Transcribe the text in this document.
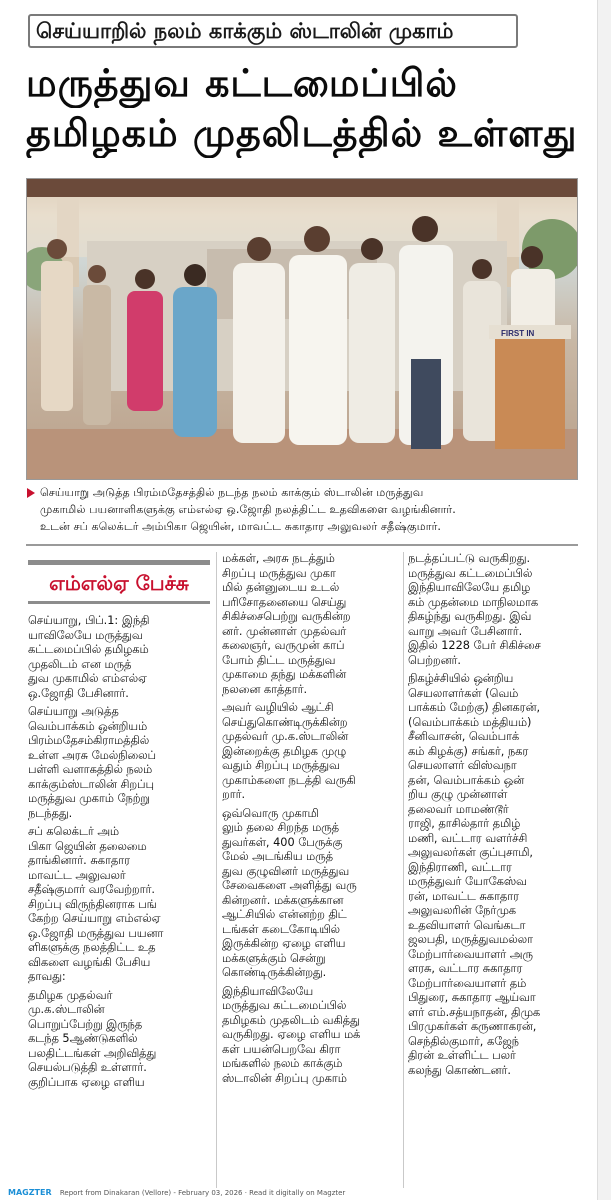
செய்யாறில் நலம் காக்கும் ஸ்டாலின் முகாம்
மருத்துவ கட்டமைப்பில்
தமிழகம் முதலிடத்தில் உள்ளது
FIRST IN
செய்யாறு அடுத்த பிரம்மதேசத்தில் நடந்த நலம் காக்கும் ஸ்டாலின் மருத்துவ
முகாமில் பயனாளிகளுக்கு எம்எல்ஏ ஒ.ஜோதி நலத்திட்ட உதவிகளை வழங்கினார்.
உடன் சப் கலெக்டர் அம்பிகா ஜெயின், மாவட்ட சுகாதார அலுவலர் சதீஷ்குமார்.
எம்எல்ஏ பேச்சு

செய்யாறு, பிப்.1: இந்தி
யாவிலேயே மருத்துவ
கட்டமைப்பில் தமிழகம்
முதலிடம் என மருத்
துவ முகாமில் எம்எல்ஏ
ஒ.ஜோதி பேசினார்.

செய்யாறு அடுத்த
வெம்பாக்கம் ஒன்றியம்
பிரம்மதேசம்கிராமத்தில்
உள்ள அரசு மேல்நிலைப்
பள்ளி வளாகத்தில் நலம்
காக்கும்ஸ்டாலின் சிறப்பு
மருத்துவ முகாம் நேற்று
நடந்தது.

சப் கலெக்டர் அம்
பிகா ஜெயின் தலைமை
தாங்கினார். சுகாதார
மாவட்ட அலுவலர்
சதீஷ்குமார் வரவேற்றார்.
சிறப்பு விருந்தினராக பங்
கேற்ற செய்யாறு எம்எல்ஏ
ஒ.ஜோதி மருத்துவ பயனா
ளிகளுக்கு நலத்திட்ட உத
விகளை வழங்கி பேசிய
தாவது:

தமிழக முதல்வர்
மு.க.ஸ்டாலின்
பொறுப்பேற்று இருந்த
கடந்த 5ஆண்டுகளில்
பலதிட்டங்கள் அறிவித்து
செயல்படுத்தி உள்ளார்.
குறிப்பாக ஏழை எளிய

மக்கள், அரசு நடத்தும்
சிறப்பு மருத்துவ முகா
மில் தன்னுடைய உடல்
பரிசோதனையை செய்து
சிகிச்சைபெற்று வருகின்ற
னர். முன்னாள் முதல்வர்
கலைஞர், வருமுன் காப்
போம் திட்ட மருத்துவ
முகாமை தந்து மக்களின்
நலனை காத்தார்.

அவர் வழியில் ஆட்சி
செய்துகொண்டிருக்கின்ற
முதல்வர் மு.க.ஸ்டாலின்
இன்றைக்கு தமிழக முழு
வதும் சிறப்பு மருத்துவ
முகாம்களை நடத்தி வருகி
றார்.

ஒவ்வொரு முகாமி
லும் தலை சிறந்த மருத்
துவர்கள், 400 பேருக்கு
மேல் அடங்கிய மருத்
துவ குழுவினர் மருத்துவ
சேவைகளை அளித்து வரு
கின்றனர். மக்களுக்கான
ஆட்சியில் என்னற்ற திட்
டங்கள் கடைகோடியில்
இருக்கின்ற ஏழை எளிய
மக்களுக்கும் சென்று
கொண்டிருக்கின்றது.

இந்தியாவிலேயே
மருத்துவ கட்டமைப்பில்
தமிழகம் முதலிடம் வகித்து
வருகிறது. ஏழை எளிய மக்
கள் பயன்பெறவே கிரா
மங்களில் நலம் காக்கும்
ஸ்டாலின் சிறப்பு முகாம்

நடத்தப்பட்டு வருகிறது.
மருத்துவ கட்டமைப்பில்
இந்தியாவிலேயே தமிழ
கம் முதன்மை மாநிலமாக
திகழ்ந்து வருகிறது. இவ்
வாறு அவர் பேசினார்.
இதில் 1228 பேர் சிகிச்சை
பெற்றனர்.

நிகழ்ச்சியில் ஒன்றிய
செயலாளர்கள் (வெம்
பாக்கம் மேற்கு) தினகரன்,
(வெம்பாக்கம் மத்தியம்)
சீனிவாசன், வெம்பாக்
கம் கிழக்கு) சங்கர், நகர
செயலாளர் விஸ்வநா
தன், வெம்பாக்கம் ஒன்
றிய குழு முன்னாள்
தலைவர் மாமண்டூர்
ராஜி, தாசில்தார் தமிழ்
மணி, வட்டார வளர்ச்சி
அலுவலர்கள் குப்புசாமி,
இந்திராணி, வட்டார
மருத்துவர் யோகேஸ்வ
ரன், மாவட்ட சுகாதார
அலுவலரின் நேர்முக
உதவியாளர் வெங்கடா
ஜலபதி, மருத்துவமல்லா
மேற்பார்வையாளர் அரு
ளரசு, வட்டார சுகாதார
மேற்பார்வையாளர் தம்
பிதுரை, சுகாதார ஆய்வா
ளர் எம்.சத்யநாதன், திமுக
பிரமுகர்கள் கருணாகரன்,
செந்தில்குமார், கஜேந்
திரன் உள்ளிட்ட பலர்
கலந்து கொண்டனர்.

MAGZTER Report from Dinakaran (Vellore) - February 03, 2026 · Read it digitally on Magzter
